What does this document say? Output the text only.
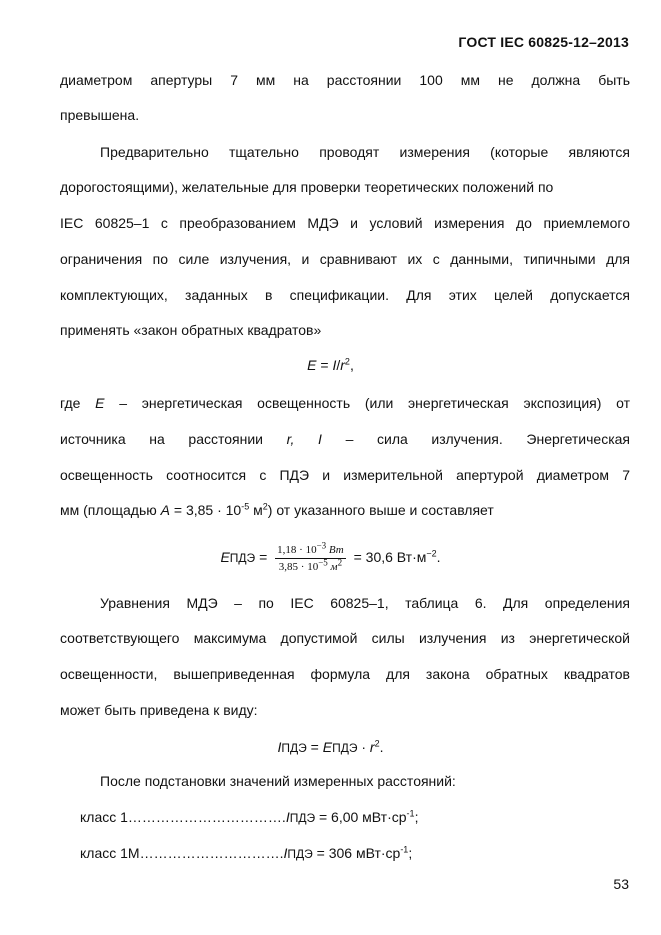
ГОСТ IEC 60825-12–2013
диаметром апертуры 7 мм на расстоянии 100 мм не должна быть
превышена.
Предварительно тщательно проводят измерения (которые являются
дорогостоящими), желательные для проверки теоретических положений по
IEC 60825–1 с преобразованием МДЭ и условий измерения до приемлемого
ограничения по силе излучения, и сравнивают их с данными, типичными для
комплектующих, заданных в спецификации. Для этих целей допускается
применять «закон обратных квадратов»
$E = I/r^2$,
где E – энергетическая освещенность (или энергетическая экспозиция) от
источника на расстоянии r, I – сила излучения. Энергетическая
освещенность соотносится с ПДЭ и измерительной апертурой диаметром 7
мм (площадью $A = 3,85 \cdot 10^{-5}$ $м^2$) от указанного выше и составляет
EПДЭ = $\frac{1,18 \cdot 10^{-3} Вт}{3,85 \cdot 10^{-5} м^2} = 30,6$ $Вт\cdot м^{-2}$.
Уравнения МДЭ – по IEC 60825–1, таблица 6. Для определения
соответствующего максимума допустимой силы излучения из энергетической
освещенности, вышеприведенная формула для закона обратных квадратов
может быть приведена к виду:
IПДЭ = EПДЭ · $r^2$.
После подстановки значений измеренных расстояний:
класс 1…………………………….IПДЭ = 6,00 $мВт\cdot ср^{-1}$;
класс 1М………………………….IПДЭ = 306 $мВт\cdot ср^{-1}$;
53
